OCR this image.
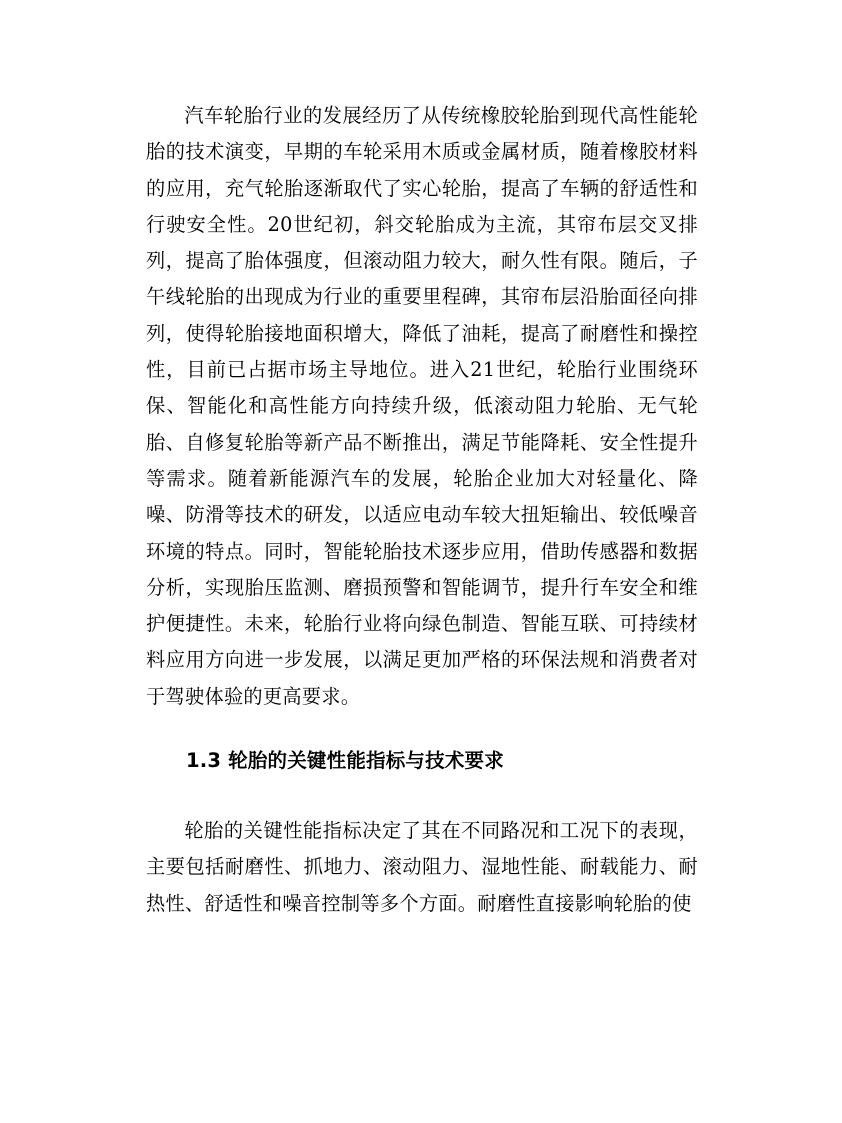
汽车轮胎行业的发展经历了从传统橡胶轮胎到现代高性能轮胎的技术演变，早期的车轮采用木质或金属材质，随着橡胶材料的应用，充气轮胎逐渐取代了实心轮胎，提高了车辆的舒适性和行驶安全性。20世纪初，斜交轮胎成为主流，其帘布层交叉排列，提高了胎体强度，但滚动阻力较大，耐久性有限。随后，子午线轮胎的出现成为行业的重要里程碑，其帘布层沿胎面径向排列，使得轮胎接地面积增大，降低了油耗，提高了耐磨性和操控性，目前已占据市场主导地位。进入21世纪，轮胎行业围绕环保、智能化和高性能方向持续升级，低滚动阻力轮胎、无气轮胎、自修复轮胎等新产品不断推出，满足节能降耗、安全性提升等需求。随着新能源汽车的发展，轮胎企业加大对轻量化、降噪、防滑等技术的研发，以适应电动车较大扭矩输出、较低噪音环境的特点。同时，智能轮胎技术逐步应用，借助传感器和数据分析，实现胎压监测、磨损预警和智能调节，提升行车安全和维护便捷性。未来，轮胎行业将向绿色制造、智能互联、可持续材料应用方向进一步发展，以满足更加严格的环保法规和消费者对于驾驶体验的更高要求。

1.3 轮胎的关键性能指标与技术要求

轮胎的关键性能指标决定了其在不同路况和工况下的表现，主要包括耐磨性、抓地力、滚动阻力、湿地性能、耐载能力、耐热性、舒适性和噪音控制等多个方面。耐磨性直接影响轮胎的使
